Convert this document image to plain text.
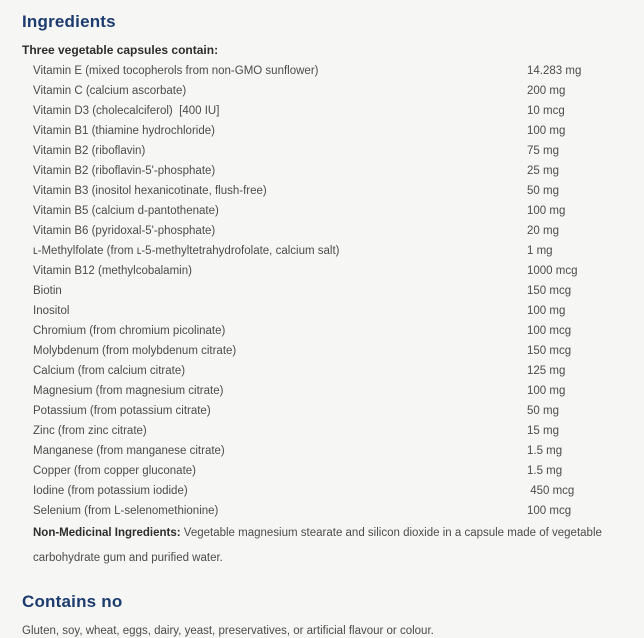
Ingredients

Three vegetable capsules contain:

Vitamin E (mixed tocopherols from non-GMO sunflower)	14.283 mg
Vitamin C (calcium ascorbate)	200 mg
Vitamin D3 (cholecalciferol)  [400 IU]	10 mcg
Vitamin B1 (thiamine hydrochloride)	100 mg
Vitamin B2 (riboflavin)	75 mg
Vitamin B2 (riboflavin-5'-phosphate)	25 mg
Vitamin B3 (inositol hexanicotinate, flush-free)	50 mg
Vitamin B5 (calcium d-pantothenate)	100 mg
Vitamin B6 (pyridoxal-5'-phosphate)	20 mg
ʟ-Methylfolate (from ʟ-5-methyltetrahydrofolate, calcium salt)	1 mg
Vitamin B12 (methylcobalamin)	1000 mcg
Biotin	150 mcg
Inositol	100 mg
Chromium (from chromium picolinate)	100 mcg
Molybdenum (from molybdenum citrate)	150 mcg
Calcium (from calcium citrate)	125 mg
Magnesium (from magnesium citrate)	100 mg
Potassium (from potassium citrate)	50 mg
Zinc (from zinc citrate)	15 mg
Manganese (from manganese citrate)	1.5 mg
Copper (from copper gluconate)	1.5 mg
Iodine (from potassium iodide)	450 mcg
Selenium (from L-selenomethionine)	100 mcg

Non-Medicinal Ingredients: Vegetable magnesium stearate and silicon dioxide in a capsule made of vegetable carbohydrate gum and purified water.

Contains no

Gluten, soy, wheat, eggs, dairy, yeast, preservatives, or artificial flavour or colour.
